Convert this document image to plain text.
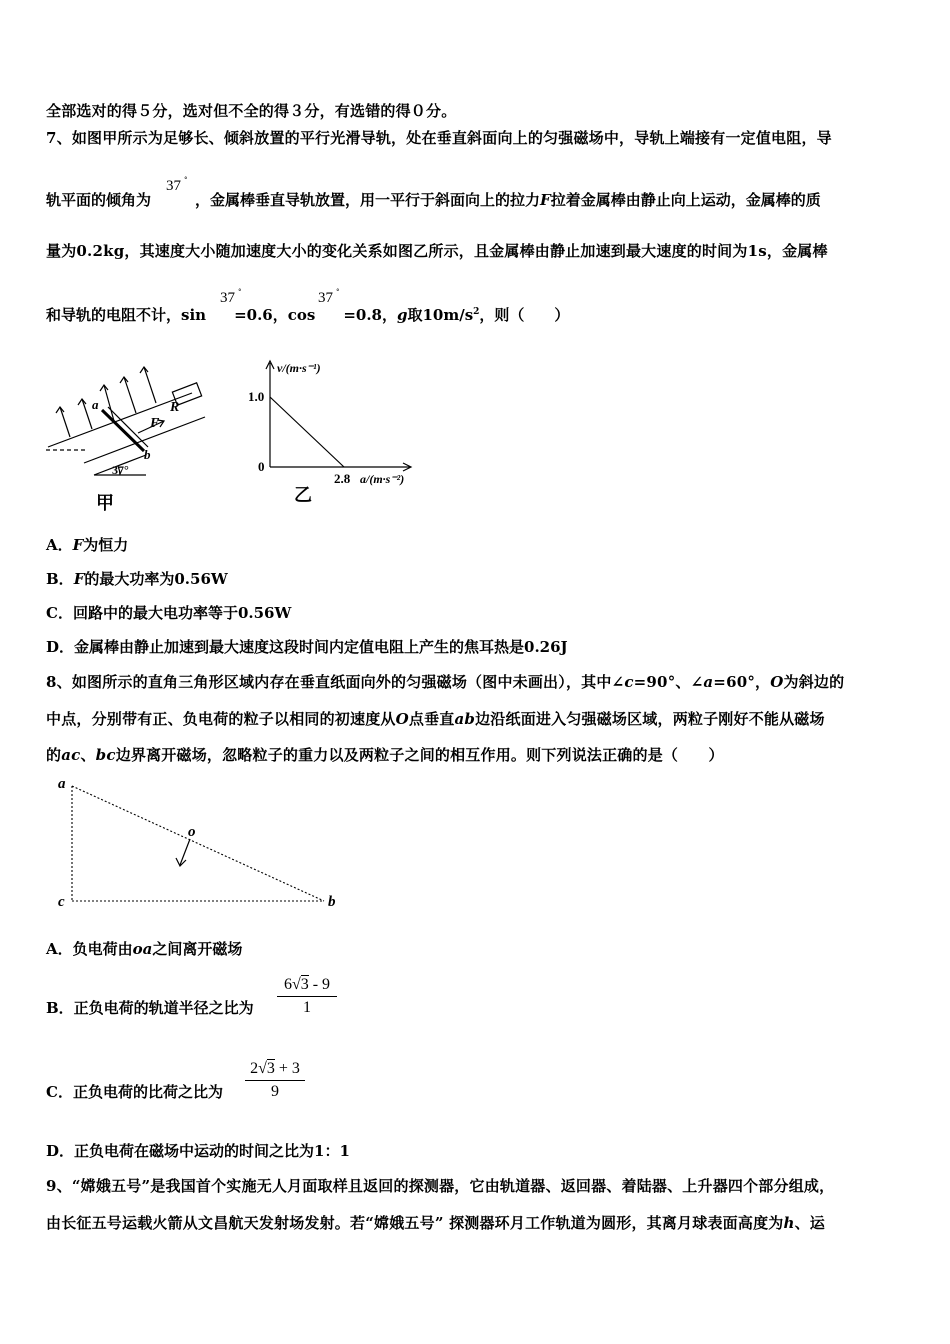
全部选对的得５分，选对但不全的得３分，有选错的得０分。
7、如图甲所示为足够长、倾斜放置的平行光滑导轨，处在垂直斜面向上的匀强磁场中，导轨上端接有一定值电阻，导
轨平面的倾角为	，金属棒垂直导轨放置，用一平行于斜面向上的拉力F拉着金属棒由静止向上运动，金属棒的质
37 °
量为0.2kg，其速度大小随加速度大小的变化关系如图乙所示，且金属棒由静止加速到最大速度的时间为1s，金属棒
和导轨的电阻不计，sin =0.6，cos =0.8，g取$10m/s^2$，则（　　）
37 °	37 °
a
b
R
F
37°
甲
v/(m·s⁻¹)
1.0
0
2.8 a/(m·s⁻²)
乙
A．F为恒力
B．F的最大功率为0.56W
C．回路中的最大电功率等于0.56W
D．金属棒由静止加速到最大速度这段时间内定值电阻上产生的焦耳热是0.26J
8、如图所示的直角三角形区域内存在垂直纸面向外的匀强磁场（图中未画出），其中∠c=90°、∠a=60°，O为斜边的
中点，分别带有正、负电荷的粒子以相同的初速度从O点垂直ab边沿纸面进入匀强磁场区域，两粒子刚好不能从磁场
的ac、bc边界离开磁场，忽略粒子的重力以及两粒子之间的相互作用。则下列说法正确的是（　　）
a
c	b
o
A．负电荷由oa之间离开磁场
B．正负电荷的轨道半径之比为 $\frac{6√3 - 9}{1}$
C．正负电荷的比荷之比为 $\frac{2√3 + 3}{9}$
D．正负电荷在磁场中运动的时间之比为1：1
9、“嫦娥五号”是我国首个实施无人月面取样且返回的探测器，它由轨道器、返回器、着陆器、上升器四个部分组成，
由长征五号运载火箭从文昌航天发射场发射。若“嫦娥五号” 探测器环月工作轨道为圆形，其离月球表面高度为h、运
